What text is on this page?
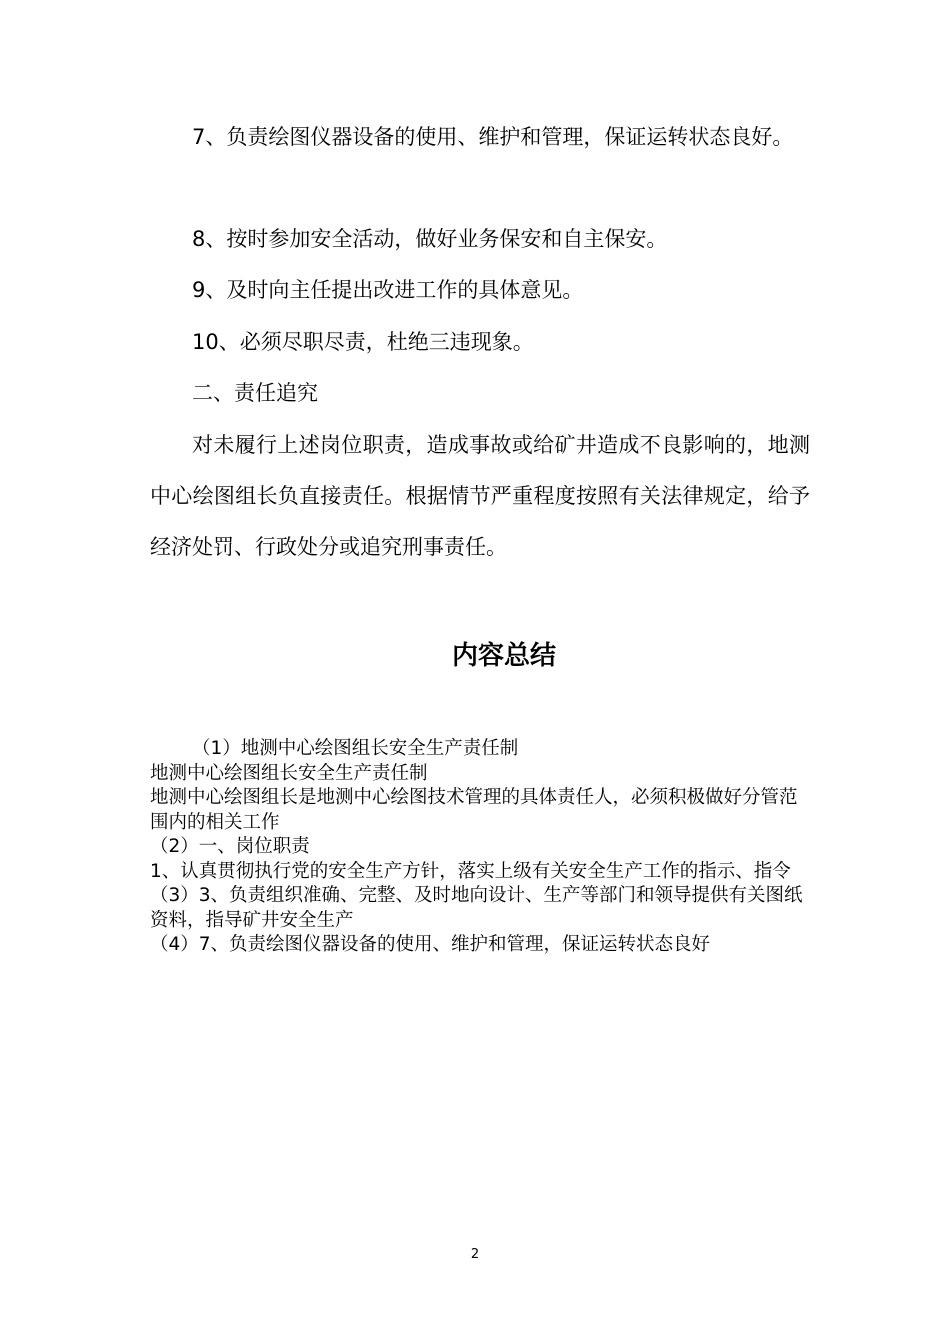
7、负责绘图仪器设备的使用、维护和管理，保证运转状态良好。

8、按时参加安全活动，做好业务保安和自主保安。

9、及时向主任提出改进工作的具体意见。

10、必须尽职尽责，杜绝三违现象。

二、责任追究

对未履行上述岗位职责，造成事故或给矿井造成不良影响的，地测中心绘图组长负直接责任。根据情节严重程度按照有关法律规定，给予经济处罚、行政处分或追究刑事责任。

内容总结
（1）地测中心绘图组长安全生产责任制
地测中心绘图组长安全生产责任制
地测中心绘图组长是地测中心绘图技术管理的具体责任人，必须积极做好分管范围内的相关工作
（2）一、岗位职责
1、认真贯彻执行党的安全生产方针，落实上级有关安全生产工作的指示、指令
（3）3、负责组织准确、完整、及时地向设计、生产等部门和领导提供有关图纸资料，指导矿井安全生产
（4）7、负责绘图仪器设备的使用、维护和管理，保证运转状态良好
2
